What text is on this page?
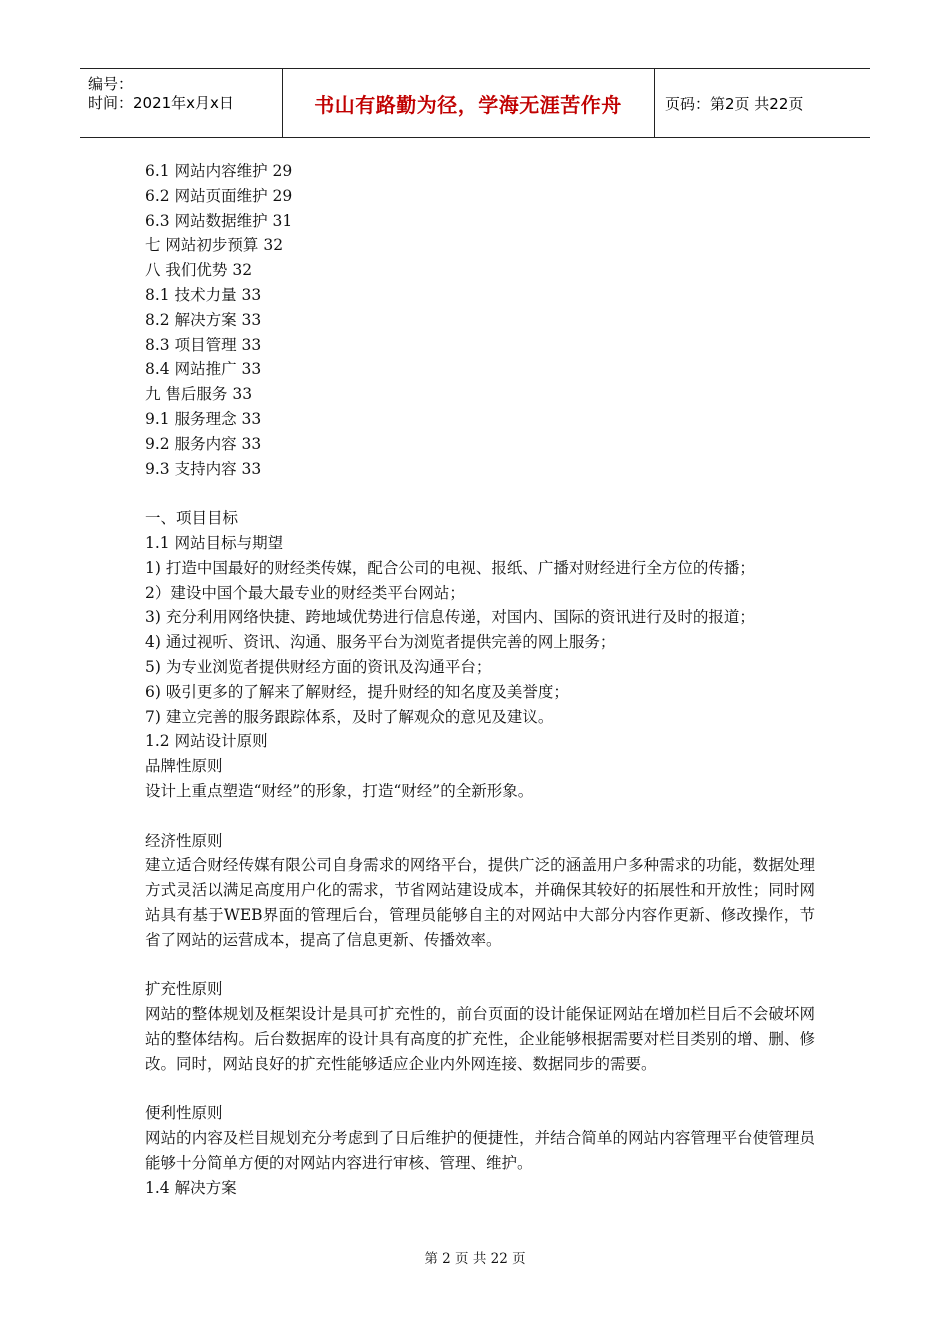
编号：
时间：2021年x月x日	书山有路勤为径，学海无涯苦作舟	页码：第2页 共22页
6.1 网站内容维护 29
6.2 网站页面维护 29
6.3 网站数据维护 31
七 网站初步预算 32
八 我们优势 32
8.1 技术力量 33
8.2 解决方案 33
8.3 项目管理 33
8.4 网站推广 33
九 售后服务 33
9.1 服务理念 33
9.2 服务内容 33
9.3 支持内容 33
一、项目目标
1.1 网站目标与期望
1) 打造中国最好的财经类传媒，配合公司的电视、报纸、广播对财经进行全方位的传播；
2）建设中国个最大最专业的财经类平台网站；
3) 充分利用网络快捷、跨地域优势进行信息传递，对国内、国际的资讯进行及时的报道；
4) 通过视听、资讯、沟通、服务平台为浏览者提供完善的网上服务；
5) 为专业浏览者提供财经方面的资讯及沟通平台；
6) 吸引更多的了解来了解财经，提升财经的知名度及美誉度；
7) 建立完善的服务跟踪体系，及时了解观众的意见及建议。
1.2 网站设计原则
品牌性原则
设计上重点塑造“财经”的形象，打造“财经”的全新形象。
经济性原则
建立适合财经传媒有限公司自身需求的网络平台，提供广泛的涵盖用户多种需求的功能，数据处理方式灵活以满足高度用户化的需求，节省网站建设成本，并确保其较好的拓展性和开放性；同时网站具有基于WEB界面的管理后台，管理员能够自主的对网站中大部分内容作更新、修改操作，节省了网站的运营成本，提高了信息更新、传播效率。
扩充性原则
网站的整体规划及框架设计是具可扩充性的，前台页面的设计能保证网站在增加栏目后不会破坏网站的整体结构。后台数据库的设计具有高度的扩充性，企业能够根据需要对栏目类别的增、删、修改。同时，网站良好的扩充性能够适应企业内外网连接、数据同步的需要。
便利性原则
网站的内容及栏目规划充分考虑到了日后维护的便捷性，并结合简单的网站内容管理平台使管理员能够十分简单方便的对网站内容进行审核、管理、维护。
1.4 解决方案
第 2 页 共 22 页
